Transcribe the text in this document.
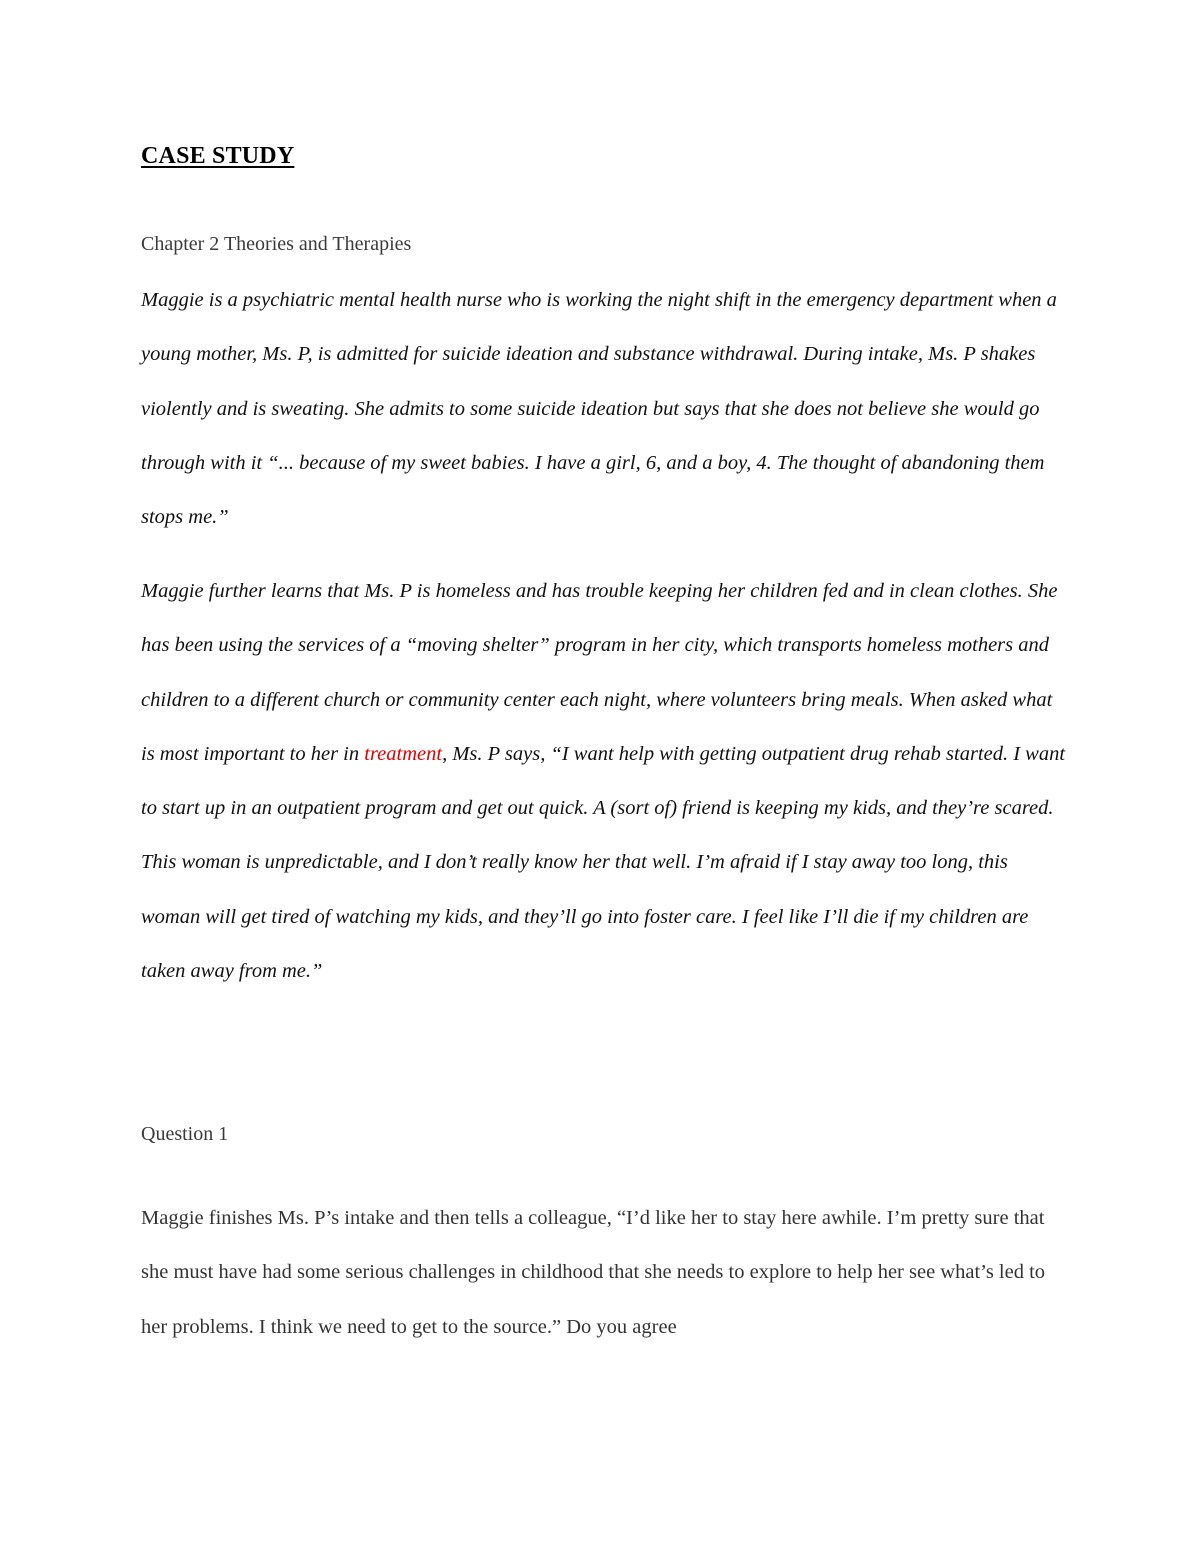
CASE STUDY
Chapter 2 Theories and Therapies

Maggie is a psychiatric mental health nurse who is working the night shift in the emergency department when a young mother, Ms. P, is admitted for suicide ideation and substance withdrawal. During intake, Ms. P shakes violently and is sweating. She admits to some suicide ideation but says that she does not believe she would go through with it “... because of my sweet babies. I have a girl, 6, and a boy, 4. The thought of abandoning them stops me.”

Maggie further learns that Ms. P is homeless and has trouble keeping her children fed and in clean clothes. She has been using the services of a “moving shelter” program in her city, which transports homeless mothers and children to a different church or community center each night, where volunteers bring meals. When asked what is most important to her in treatment, Ms. P says, “I want help with getting outpatient drug rehab started. I want to start up in an outpatient program and get out quick. A (sort of) friend is keeping my kids, and they’re scared. This woman is unpredictable, and I don’t really know her that well. I’m afraid if I stay away too long, this woman will get tired of watching my kids, and they’ll go into foster care. I feel like I’ll die if my children are taken away from me.”

Question 1

Maggie finishes Ms. P’s intake and then tells a colleague, “I’d like her to stay here awhile. I’m pretty sure that she must have had some serious challenges in childhood that she needs to explore to help her see what’s led to her problems. I think we need to get to the source.” Do you agree
